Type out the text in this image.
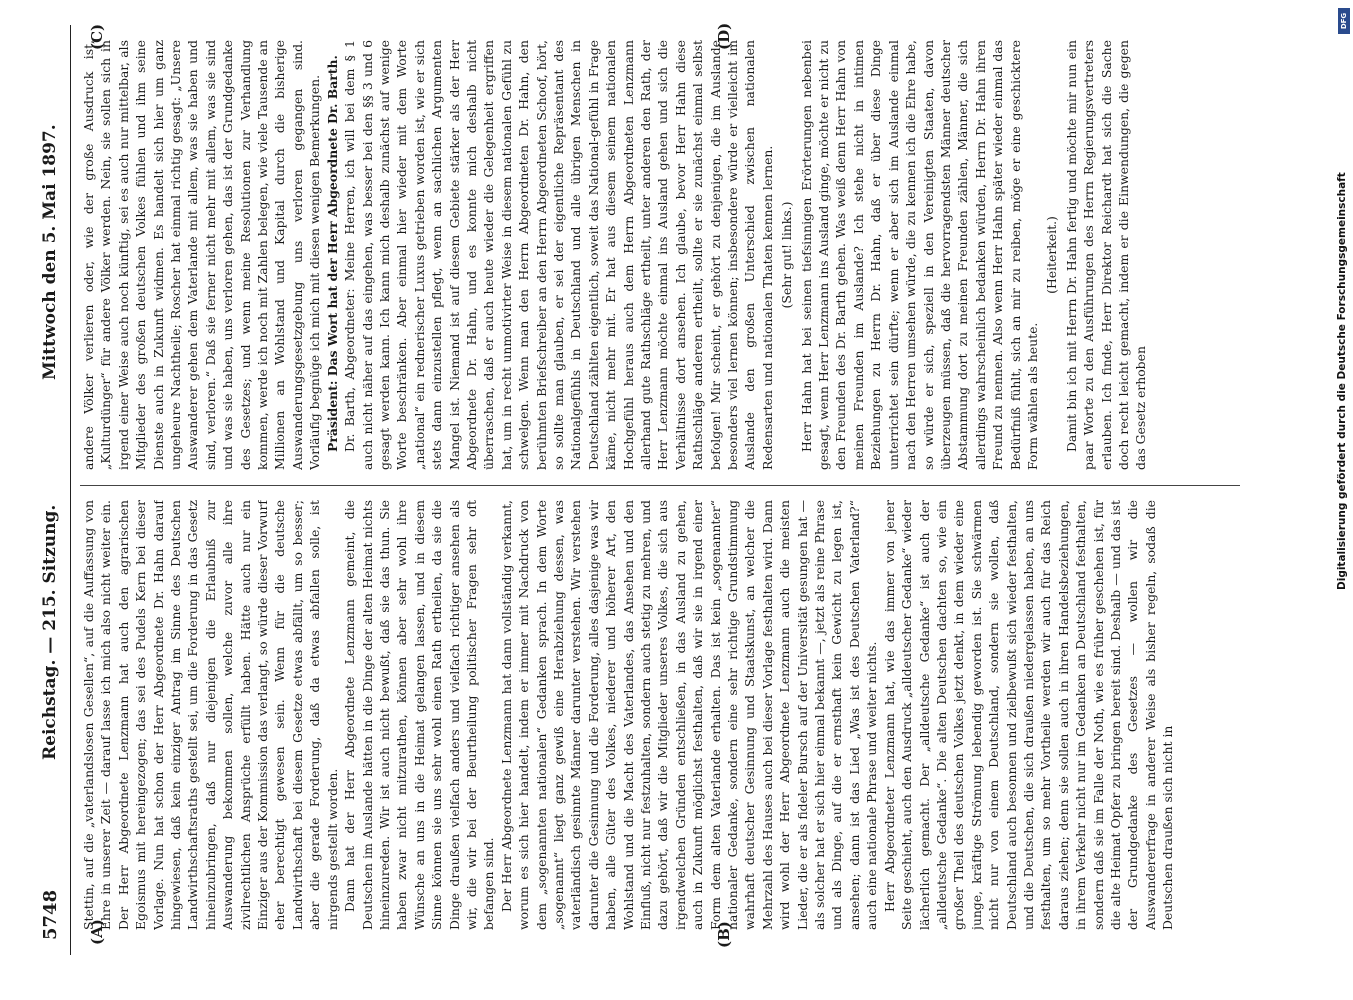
5748
Reichstag. — 215. Sitzung.
Mittwoch den 5. Mai 1897.
(A)	(B)
(C)	(D)

Stettin, auf die „vaterlandslosen Gesellen“, auf die Auffassung von Ehre in unserer Zeit — darauf lasse ich mich also nicht weiter ein. Der Herr Abgeordnete Lenzmann hat auch den agrarischen Egoismus mit hereingezogen; das sei des Pudels Kern bei dieser Vorlage. Nun hat schon der Herr Abgeordnete Dr. Hahn darauf hingewiesen, daß kein einziger Antrag im Sinne des Deutschen Landwirthschaftsraths gestellt sei, um die Forderung in das Gesetz hineinzubringen, daß nur diejenigen die Erlaubniß zur Auswanderung bekommen sollen, welche zuvor alle ihre zivilrechtlichen Ansprüche erfüllt haben. Hätte auch nur ein Einziger aus der Kommission das verlangt, so würde dieser Vorwurf eher berechtigt gewesen sein. Wenn für die deutsche Landwirthschaft bei diesem Gesetze etwas abfällt, um so besser; aber die gerade Forderung, daß da etwas abfallen solle, ist nirgends gestellt worden. Dann hat der Herr Abgeordnete Lenzmann gemeint, die Deutschen im Auslande hätten in die Dinge der alten Heimat nichts hineinzureden. Wir ist auch nicht bewußt, daß sie das thun. Sie haben zwar nicht mitzurathen, können aber sehr wohl ihre Wünsche an uns in die Heimat gelangen lassen, und in diesem Sinne können sie uns sehr wohl einen Rath ertheilen, da sie die Dinge draußen vielfach anders und vielfach richtiger ansehen als wir, die wir bei der Beurtheilung politischer Fragen sehr oft befangen sind. Der Herr Abgeordnete Lenzmann hat dann vollständig verkannt, worum es sich hier handelt, indem er immer mit Nachdruck von dem „sogenannten nationalen“ Gedanken sprach. In dem Worte „sogenannt“ liegt ganz gewiß eine Herabziehung dessen, was vaterländisch gesinnte Männer darunter verstehen. Wir verstehen darunter die Gesinnung und die Forderung, alles dasjenige was wir haben, alle Güter des Volkes, niederer und höherer Art, den Wohlstand und die Macht des Vaterlandes, das Ansehen und den Einfluß, nicht nur festzuhalten, sondern auch stetig zu mehren, und dazu gehört, daß wir die Mitglieder unseres Volkes, die sich aus irgendwelchen Gründen entschließen, in das Ausland zu gehen, auch in Zukunft möglichst festhalten, daß wir sie in irgend einer Form dem alten Vaterlande erhalten. Das ist kein „sogenannter“ nationaler Gedanke, sondern eine sehr richtige Grundstimmung wahrhaft deutscher Gesinnung und Staatskunst, an welcher die Mehrzahl des Hauses auch bei dieser Vorlage festhalten wird. Dann wird wohl der Herr Abgeordnete Lenzmann auch die meisten Lieder, die er als fideler Bursch auf der Universität gesungen hat — als solcher hat er sich hier einmal bekannt —, jetzt als reine Phrase und als Dinge, auf die er ernsthaft kein Gewicht zu legen ist, ansehen; dann ist das Lied „Was ist des Deutschen Vaterland?“ auch eine nationale Phrase und weiter nichts. Herr Abgeordneter Lenzmann hat, wie das immer von jener Seite geschieht, auch den Ausdruck „alldeutscher Gedanke“ wieder lächerlich gemacht. Der „alldeutsche Gedanke“ ist auch der „alldeutsche Gedanke“. Die alten Deutschen dachten so, wie ein großer Theil des deutschen Volkes jetzt denkt, in dem wieder eine junge, kräftige Strömung lebendig geworden ist. Sie schwärmen nicht nur von einem Deutschland, sondern sie wollen, daß Deutschland auch besonnen und zielbewußt sich wieder festhalten, und die Deutschen, die sich draußen niedergelassen haben, an uns festhalten, um so mehr Vortheile werden wir auch für das Reich daraus ziehen; denn sie sollen auch in ihren Handelsbeziehungen, in ihrem Verkehr nicht nur im Gedanken an Deutschland festhalten, sondern daß sie im Falle der Noth, wie es früher geschehen ist, für die alte Heimat Opfer zu bringen bereit sind. Deshalb — und das ist der Grundgedanke des Gesetzes — wollen wir die Auswandererfrage in anderer Weise als bisher regeln, sodaß die Deutschen draußen sich nicht in

andere Völker verlieren oder, wie der große Ausdruck ist, „Kulturdünger“ für andere Völker werden. Nein, sie sollen sich in irgend einer Weise auch noch künftig, sei es auch nur mittelbar, als Mitglieder des großen deutschen Volkes fühlen und ihm seine Dienste auch in Zukunft widmen. Es handelt sich hier um ganz ungeheure Nachtheile; Roscher hat einmal richtig gesagt: „Unsere Auswanderer gehen dem Vaterlande mit allem, was sie haben und sind, verloren.“ Daß sie ferner nicht mehr mit allem, was sie sind und was sie haben, uns verloren gehen, das ist der Grundgedanke des Gesetzes; und wenn meine Resolutionen zur Verhandlung kommen, werde ich noch mit Zahlen belegen, wie viele Tausende an Millionen an Wohlstand und Kapital durch die bisherige Auswanderungsgesetzgebung uns verloren gegangen sind. Vorläufig begnüge ich mich mit diesen wenigen Bemerkungen. Präsident: Das Wort hat der Herr Abgeordnete Dr. Barth. Dr. Barth, Abgeordneter: Meine Herren, ich will bei dem § 1 auch nicht näher auf das eingehen, was besser bei den §§ 3 und 6 gesagt werden kann. Ich kann mich deshalb zunächst auf wenige Worte beschränken. Aber einmal hier wieder mit dem Worte „national“ ein rednerischer Luxus getrieben worden ist, wie er sich stets dann einzustellen pflegt, wenn an sachlichen Argumenten Mangel ist. Niemand ist auf diesem Gebiete stärker als der Herr Abgeordnete Dr. Hahn, und es konnte mich deshalb nicht überraschen, daß er auch heute wieder die Gelegenheit ergriffen hat, um in recht unmotivirter Weise in diesem nationalen Gefühl zu schwelgen. Wenn man den Herrn Abgeordneten Dr. Hahn, den berühmten Briefschreiber an den Herrn Abgeordneten Schoof, hört, so sollte man glauben, er sei der eigentliche Repräsentant des Nationalgefühls in Deutschland und alle übrigen Menschen in Deutschland zählten eigentlich, soweit das National-gefühl in Frage käme, nicht mehr mit. Er hat aus diesem seinem nationalen Hochgefühl heraus auch dem Herrn Abgeordneten Lenzmann allerhand gute Rathschläge ertheilt, unter anderen den Rath, der Herr Lenzmann möchte einmal ins Ausland gehen und sich die Verhältnisse dort ansehen. Ich glaube, bevor Herr Hahn diese Rathschläge anderen ertheilt, sollte er sie zunächst einmal selbst befolgen! Mir scheint, er gehört zu denjenigen, die im Auslande besonders viel lernen können; insbesondere würde er vielleicht im Auslande den großen Unterschied zwischen nationalen Redensarten und nationalen Thaten kennen lernen. (Sehr gut! links.) Herr Hahn hat bei seinen tiefsinnigen Erörterungen nebenbei gesagt, wenn Herr Lenzmann ins Ausland ginge, möchte er nicht zu den Freunden des Dr. Barth gehen. Was weiß denn Herr Hahn von meinen Freunden im Auslande? Ich stehe nicht in intimen Beziehungen zu Herrn Dr. Hahn, daß er über diese Dinge unterrichtet sein dürfte; wenn er aber sich im Auslande einmal nach den Herren umsehen würde, die zu kennen ich die Ehre habe, so würde er sich, speziell in den Vereinigten Staaten, davon überzeugen müssen, daß die hervorragendsten Männer deutscher Abstammung dort zu meinen Freunden zählen, Männer, die sich allerdings wahrscheinlich bedanken würden, Herrn Dr. Hahn ihren Freund zu nennen. Also wenn Herr Hahn später wieder einmal das Bedürfniß fühlt, sich an mir zu reiben, möge er eine geschicktere Form wählen als heute.

(Heiterkeit.) Damit bin ich mit Herrn Dr. Hahn fertig und möchte mir nun ein paar Worte zu den Ausführungen des Herrn Regierungsvertreters erlauben. Ich finde, Herr Direktor Reichardt hat sich die Sache doch recht leicht gemacht, indem er die Einwendungen, die gegen das Gesetz erhoben

DFG
Digitalisierung gefördert durch die Deutsche Forschungsgemeinschaft
